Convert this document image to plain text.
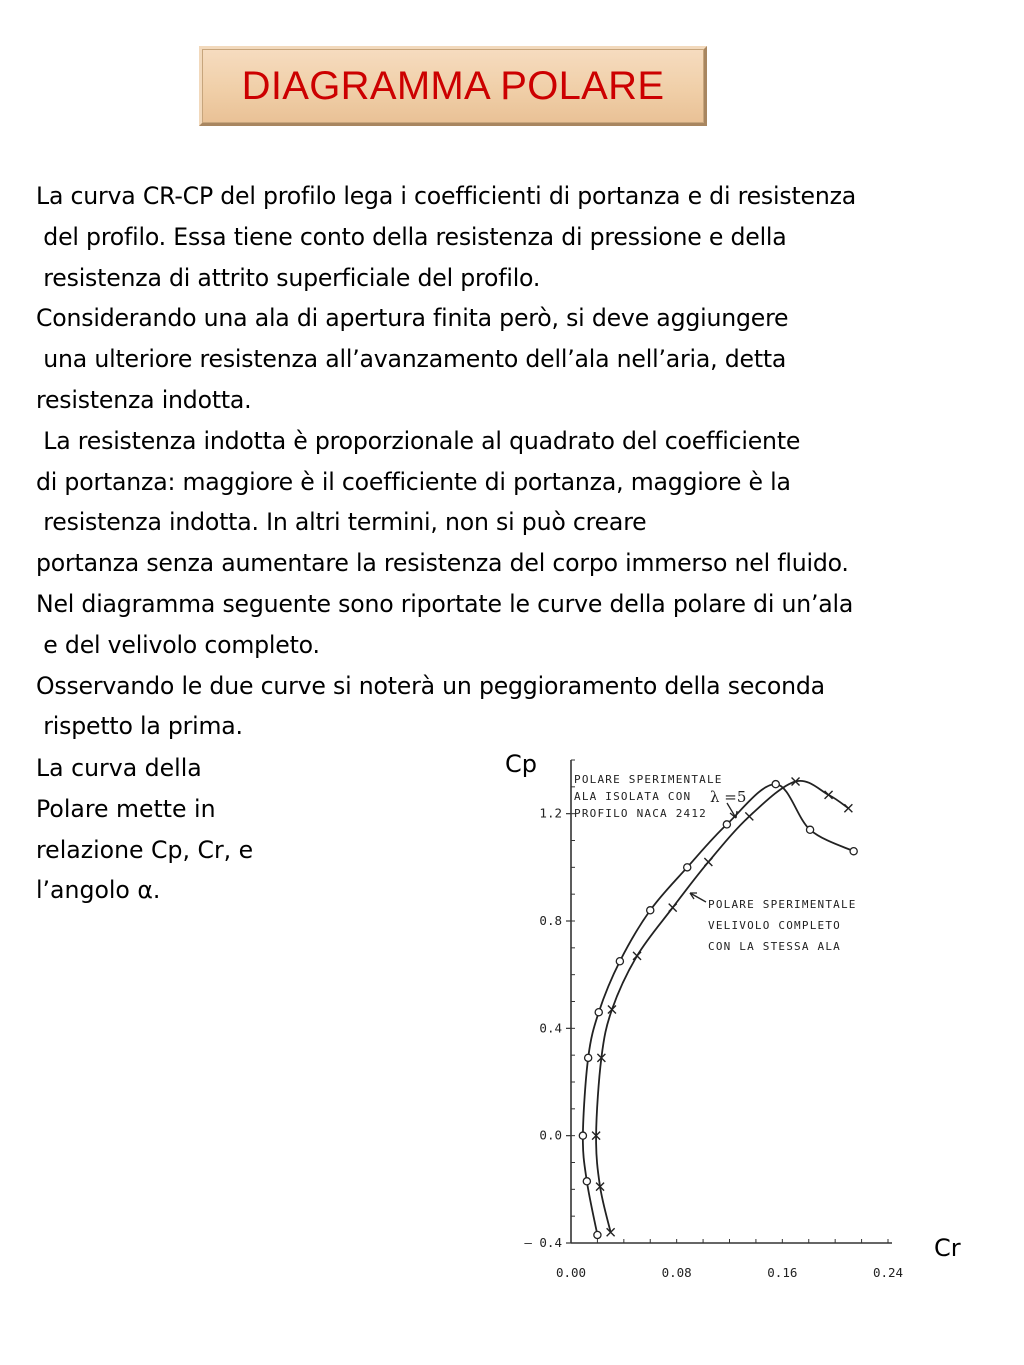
DIAGRAMMA POLARE
La curva CR-CP del profilo lega i coefficienti di portanza e di resistenza
del profilo. Essa tiene conto della resistenza di pressione e della
resistenza di attrito superficiale del profilo.
Considerando una ala di apertura finita però, si deve aggiungere
una ulteriore resistenza all’avanzamento dell’ala nell’aria, detta
resistenza indotta.
La resistenza indotta è proporzionale al quadrato del coefficiente
di portanza: maggiore è il coefficiente di portanza, maggiore è la
resistenza indotta. In altri termini, non si può creare
portanza senza aumentare la resistenza del corpo immerso nel fluido.
Nel diagramma seguente sono riportate le curve della polare di un’ala
e del velivolo completo.
Osservando le due curve si noterà un peggioramento della seconda
rispetto la prima.
La curva della
Polare mette in
relazione Cp, Cr, e
l’angolo α.
Cp
Cr
– 0.4
0.0
0.4
0.8
1.2
0.00	0.08	0.16	0.24
POLARE SPERIMENTALE
ALA ISOLATA CON
PROFILO NACA 2412
POLARE SPERIMENTALE
VELIVOLO COMPLETO
CON LA STESSA ALA
λ =5
